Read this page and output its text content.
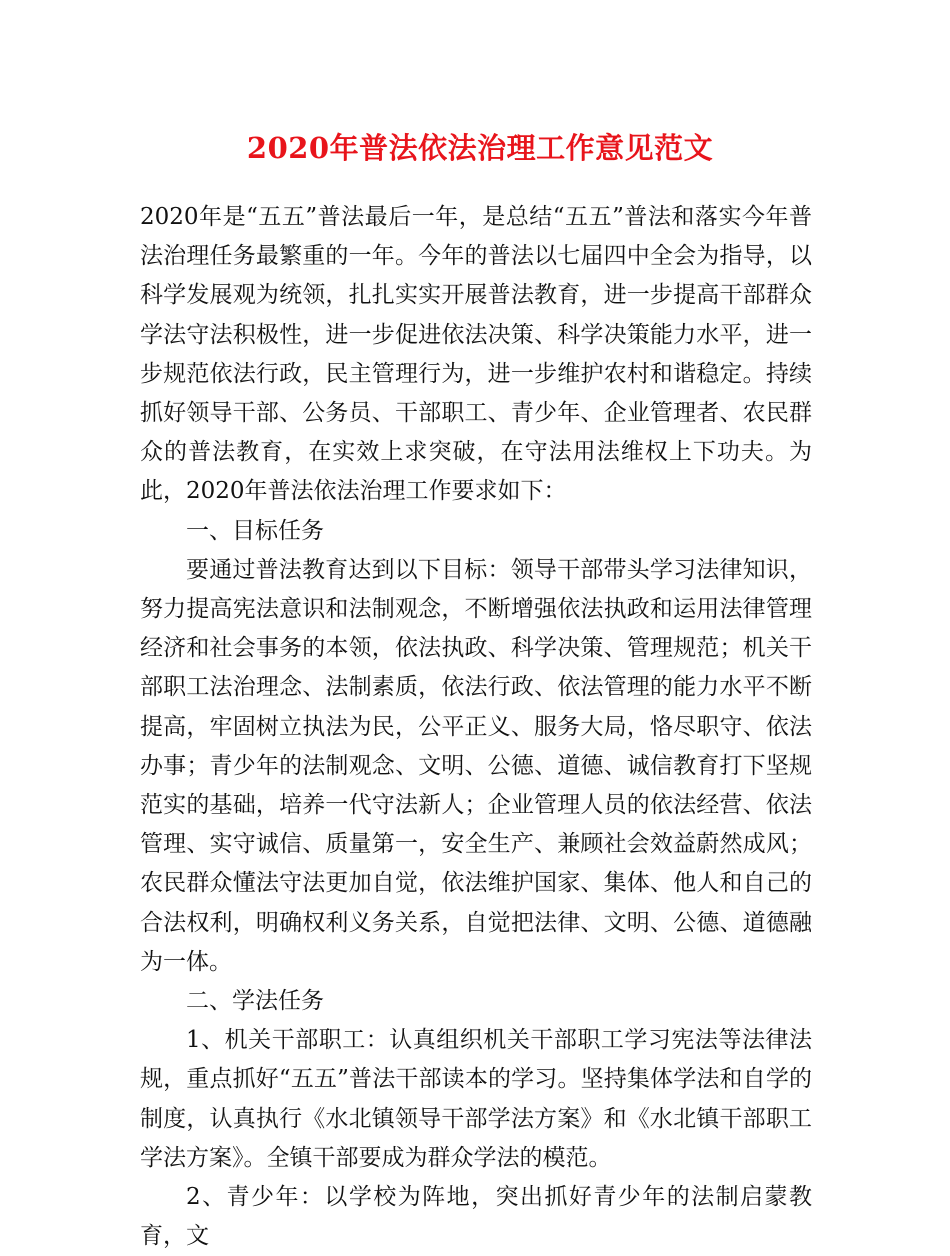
2020年普法依法治理工作意见范文

2020年是“五五”普法最后一年，是总结“五五”普法和落实今年普法治理任务最繁重的一年。今年的普法以七届四中全会为指导，以科学发展观为统领，扎扎实实开展普法教育，进一步提高干部群众学法守法积极性，进一步促进依法决策、科学决策能力水平，进一步规范依法行政，民主管理行为，进一步维护农村和谐稳定。持续抓好领导干部、公务员、干部职工、青少年、企业管理者、农民群众的普法教育，在实效上求突破，在守法用法维权上下功夫。为此，2020年普法依法治理工作要求如下：

一、目标任务

要通过普法教育达到以下目标：领导干部带头学习法律知识，努力提高宪法意识和法制观念，不断增强依法执政和运用法律管理经济和社会事务的本领，依法执政、科学决策、管理规范；机关干部职工法治理念、法制素质，依法行政、依法管理的能力水平不断提高，牢固树立执法为民，公平正义、服务大局，恪尽职守、依法办事；青少年的法制观念、文明、公德、道德、诚信教育打下坚规范实的基础，培养一代守法新人；企业管理人员的依法经营、依法管理、实守诚信、质量第一，安全生产、兼顾社会效益蔚然成风；农民群众懂法守法更加自觉，依法维护国家、集体、他人和自己的合法权利，明确权利义务关系，自觉把法律、文明、公德、道德融为一体。

二、学法任务

1、机关干部职工：认真组织机关干部职工学习宪法等法律法规，重点抓好“五五”普法干部读本的学习。坚持集体学法和自学的制度，认真执行《水北镇领导干部学法方案》和《水北镇干部职工学法方案》。全镇干部要成为群众学法的模范。

2、青少年：以学校为阵地，突出抓好青少年的法制启蒙教育，文
